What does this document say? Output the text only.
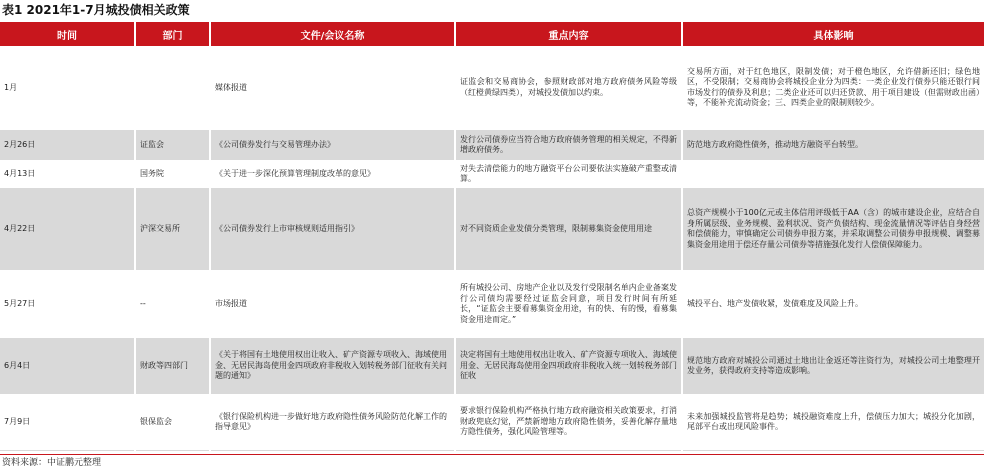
表1 2021年1-7月城投债相关政策
时间	部门	文件/会议名称	重点内容	具体影响
1月		媒体报道	证监会和交易商协会，参照财政部对地方政府债务风险等级（红橙黄绿四类），对城投发债加以约束。	交易所方面，对于红色地区，限制发债；对于橙色地区，允许借新还旧；绿色地区，不受限制；交易商协会将城投企业分为四类：一类企业发行债券只能还银行间市场发行的债券及利息；二类企业还可以归还贷款、用于项目建设（但需财政出函）等，不能补充流动资金；三、四类企业的限制则较少。
2月26日	证监会	《公司债券发行与交易管理办法》	发行公司债券应当符合地方政府债务管理的相关规定，不得新增政府债务。	防范地方政府隐性债务，推动地方融资平台转型。
4月13日	国务院	《关于进一步深化预算管理制度改革的意见》	对失去清偿能力的地方融资平台公司要依法实施破产重整或清算。	
4月22日	沪深交易所	《公司债券发行上市审核规则适用指引》	对不同资质企业发债分类管理，限制募集资金使用用途	总资产规模小于100亿元或主体信用评级低于AA（含）的城市建设企业，应结合自身所属层级、业务规模、盈利状况、资产负债结构、现金流量情况等评估自身经营和偿债能力，审慎确定公司债券申报方案，并采取调整公司债券申报规模、调整募集资金用途用于偿还存量公司债券等措施强化发行人偿债保障能力。
5月27日	--	市场报道	所有城投公司、房地产企业以及发行受限制名单内企业备案发行公司债均需要经过证监会同意，项目发行时间有所延长，“证监会主要看募集资金用途，有的快、有的慢，看募集资金用途而定。”	城投平台、地产发债收紧，发债难度及风险上升。
6月4日	财政等四部门	《关于将国有土地使用权出让收入、矿产资源专项收入、海域使用金、无居民海岛使用金四项政府非税收入划转税务部门征收有关问题的通知》	决定将国有土地使用权出让收入、矿产资源专项收入、海域使用金、无居民海岛使用金四项政府非税收入统一划转税务部门征收	规范地方政府对城投公司通过土地出让金返还等注资行为，对城投公司土地整理开发业务，获得政府支持等造成影响。
7月9日	银保监会	《银行保险机构进一步做好地方政府隐性债务风险防范化解工作的指导意见》	要求银行保险机构严格执行地方政府融资相关政策要求，打消财政兜底幻觉，严禁新增地方政府隐性债务，妥善化解存量地方隐性债务，强化风险管理等。	未来加强城投监管将是趋势；城投融资难度上升，偿债压力加大；城投分化加剧，尾部平台或出现风险事件。
资料来源：中证鹏元整理
